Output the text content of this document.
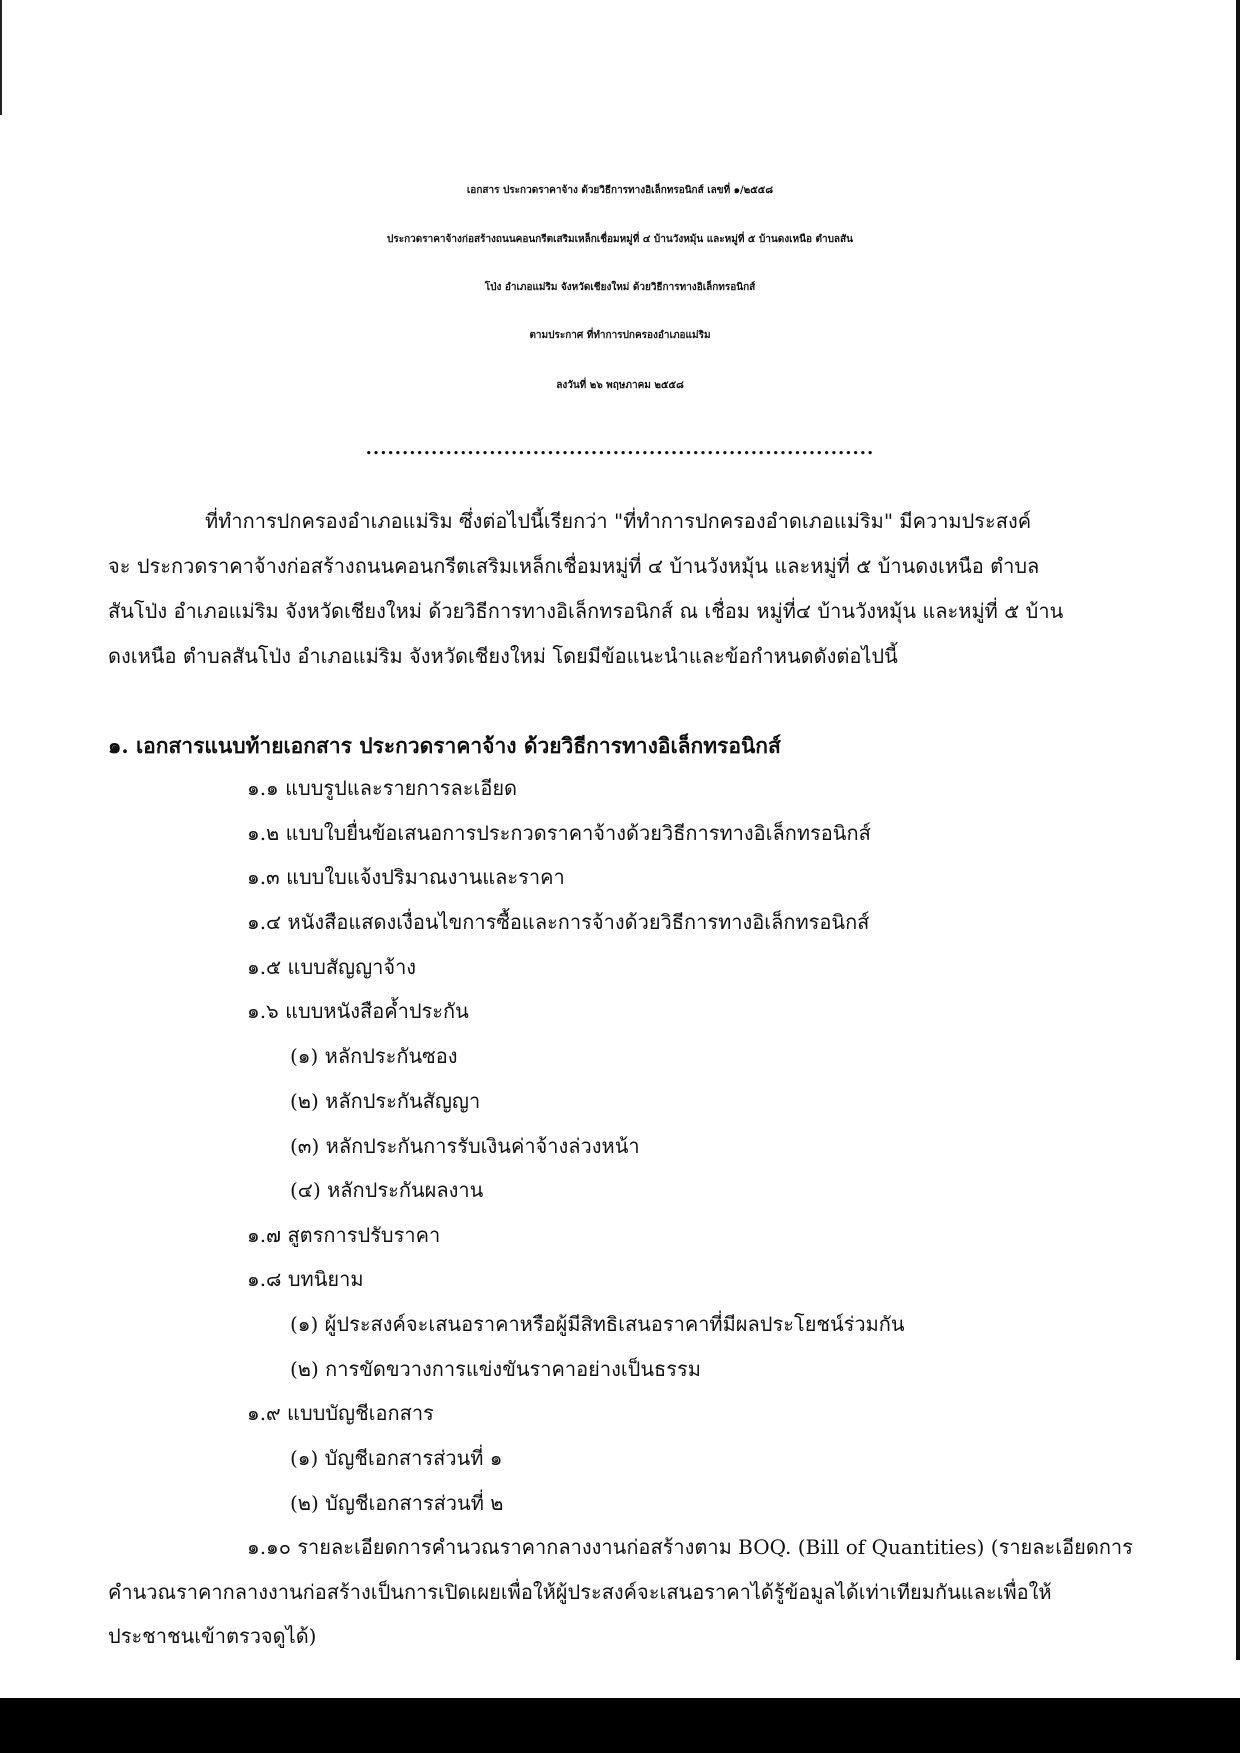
เอกสาร ประกวดราคาจ้าง ด้วยวิธีการทางอิเล็กทรอนิกส์ เลขที่ ๑/๒๕๕๘
ประกวดราคาจ้างก่อสร้างถนนคอนกรีตเสริมเหล็กเชื่อมหมู่ที่ ๔ บ้านวังหมุ้น และหมู่ที่ ๕ บ้านดงเหนือ ตำบลสัน
โป่ง อำเภอแม่ริม จังหวัดเชียงใหม่ ด้วยวิธีการทางอิเล็กทรอนิกส์
ตามประกาศ ที่ทำการปกครองอำเภอแม่ริม
ลงวันที่ ๒๖ พฤษภาคม ๒๕๕๘
......................................................................
ที่ทำการปกครองอำเภอแม่ริม ซึ่งต่อไปนี้เรียกว่า "ที่ทำการปกครองอำดเภอแม่ริม" มีความประสงค์
จะ ประกวดราคาจ้างก่อสร้างถนนคอนกรีตเสริมเหล็กเชื่อมหมู่ที่ ๔ บ้านวังหมุ้น และหมู่ที่ ๕ บ้านดงเหนือ ตำบล
สันโป่ง อำเภอแม่ริม จังหวัดเชียงใหม่ ด้วยวิธีการทางอิเล็กทรอนิกส์ ณ เชื่อม หมู่ที่๔ บ้านวังหมุ้น และหมู่ที่ ๕ บ้าน
ดงเหนือ ตำบลสันโป่ง อำเภอแม่ริม จังหวัดเชียงใหม่ โดยมีข้อแนะนำและข้อกำหนดดังต่อไปนี้
๑. เอกสารแนบท้ายเอกสาร ประกวดราคาจ้าง ด้วยวิธีการทางอิเล็กทรอนิกส์
๑.๑ แบบรูปและรายการละเอียด
๑.๒ แบบใบยื่นข้อเสนอการประกวดราคาจ้างด้วยวิธีการทางอิเล็กทรอนิกส์
๑.๓ แบบใบแจ้งปริมาณงานและราคา
๑.๔ หนังสือแสดงเงื่อนไขการซื้อและการจ้างด้วยวิธีการทางอิเล็กทรอนิกส์
๑.๕ แบบสัญญาจ้าง
๑.๖ แบบหนังสือค้ำประกัน
(๑) หลักประกันซอง
(๒) หลักประกันสัญญา
(๓) หลักประกันการรับเงินค่าจ้างล่วงหน้า
(๔) หลักประกันผลงาน
๑.๗ สูตรการปรับราคา
๑.๘ บทนิยาม
(๑) ผู้ประสงค์จะเสนอราคาหรือผู้มีสิทธิเสนอราคาที่มีผลประโยชน์ร่วมกัน
(๒) การขัดขวางการแข่งขันราคาอย่างเป็นธรรม
๑.๙ แบบบัญชีเอกสาร
(๑) บัญชีเอกสารส่วนที่ ๑
(๒) บัญชีเอกสารส่วนที่ ๒
๑.๑๐ รายละเอียดการคำนวณราคากลางงานก่อสร้างตาม BOQ. (Bill of Quantities) (รายละเอียดการ
คำนวณราคากลางงานก่อสร้างเป็นการเปิดเผยเพื่อให้ผู้ประสงค์จะเสนอราคาได้รู้ข้อมูลได้เท่าเทียมกันและเพื่อให้
ประชาชนเข้าตรวจดูได้)
